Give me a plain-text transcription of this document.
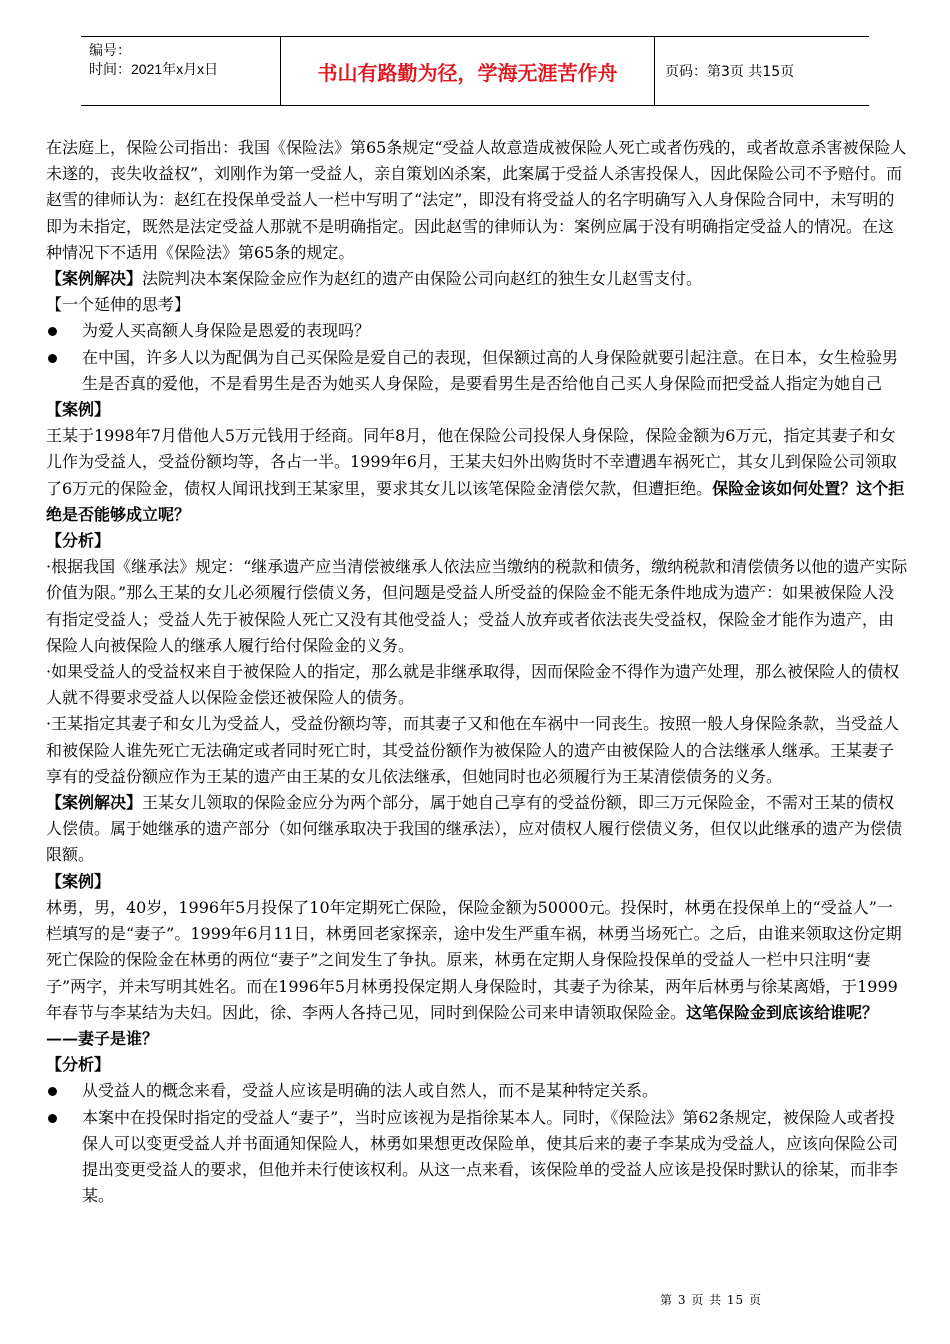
编号：
时间：2021年x月x日	书山有路勤为径，学海无涯苦作舟	页码：第3页 共15页

在法庭上，保险公司指出：我国《保险法》第65条规定“受益人故意造成被保险人死亡或者伤残的，或者故意杀害被保险人未遂的，丧失收益权”，刘刚作为第一受益人，亲自策划凶杀案，此案属于受益人杀害投保人，因此保险公司不予赔付。而赵雪的律师认为：赵红在投保单受益人一栏中写明了“法定”，即没有将受益人的名字明确写入人身保险合同中，未写明的即为未指定，既然是法定受益人那就不是明确指定。因此赵雪的律师认为：案例应属于没有明确指定受益人的情况。在这种情况下不适用《保险法》第65条的规定。

【案例解决】法院判决本案保险金应作为赵红的遗产由保险公司向赵红的独生女儿赵雪支付。

【一个延伸的思考】

为爱人买高额人身保险是恩爱的表现吗？
在中国，许多人以为配偶为自己买保险是爱自己的表现，但保额过高的人身保险就要引起注意。在日本，女生检验男生是否真的爱他，不是看男生是否为她买人身保险，是要看男生是否给他自己买人身保险而把受益人指定为她自己

【案例】

王某于1998年7月借他人5万元钱用于经商。同年8月，他在保险公司投保人身保险，保险金额为6万元，指定其妻子和女儿作为受益人，受益份额均等，各占一半。1999年6月，王某夫妇外出购货时不幸遭遇车祸死亡，其女儿到保险公司领取了6万元的保险金，债权人闻讯找到王某家里，要求其女儿以该笔保险金清偿欠款，但遭拒绝。保险金该如何处置？这个拒绝是否能够成立呢？

【分析】

·根据我国《继承法》规定：“继承遗产应当清偿被继承人依法应当缴纳的税款和债务，缴纳税款和清偿债务以他的遗产实际价值为限。”那么王某的女儿必须履行偿债义务，但问题是受益人所受益的保险金不能无条件地成为遗产：如果被保险人没有指定受益人；受益人先于被保险人死亡又没有其他受益人；受益人放弃或者依法丧失受益权，保险金才能作为遗产，由保险人向被保险人的继承人履行给付保险金的义务。

·如果受益人的受益权来自于被保险人的指定，那么就是非继承取得，因而保险金不得作为遗产处理，那么被保险人的债权人就不得要求受益人以保险金偿还被保险人的债务。

·王某指定其妻子和女儿为受益人，受益份额均等，而其妻子又和他在车祸中一同丧生。按照一般人身保险条款，当受益人和被保险人谁先死亡无法确定或者同时死亡时，其受益份额作为被保险人的遗产由被保险人的合法继承人继承。王某妻子享有的受益份额应作为王某的遗产由王某的女儿依法继承，但她同时也必须履行为王某清偿债务的义务。

【案例解决】王某女儿领取的保险金应分为两个部分，属于她自己享有的受益份额，即三万元保险金，不需对王某的债权人偿债。属于她继承的遗产部分（如何继承取决于我国的继承法），应对债权人履行偿债义务，但仅以此继承的遗产为偿债限额。

【案例】

林勇，男，40岁，1996年5月投保了10年定期死亡保险，保险金额为50000元。投保时，林勇在投保单上的“受益人”一栏填写的是“妻子”。1999年6月11日，林勇回老家探亲，途中发生严重车祸，林勇当场死亡。之后，由谁来领取这份定期死亡保险的保险金在林勇的两位“妻子”之间发生了争执。原来，林勇在定期人身保险投保单的受益人一栏中只注明“妻子”两字，并未写明其姓名。而在1996年5月林勇投保定期人身保险时，其妻子为徐某，两年后林勇与徐某离婚，于1999年春节与李某结为夫妇。因此，徐、李两人各持己见，同时到保险公司来申请领取保险金。这笔保险金到底该给谁呢？——妻子是谁？

【分析】

从受益人的概念来看，受益人应该是明确的法人或自然人，而不是某种特定关系。
本案中在投保时指定的受益人“妻子”，当时应该视为是指徐某本人。同时，《保险法》第62条规定，被保险人或者投保人可以变更受益人并书面通知保险人，林勇如果想更改保险单，使其后来的妻子李某成为受益人，应该向保险公司提出变更受益人的要求，但他并未行使该权利。从这一点来看，该保险单的受益人应该是投保时默认的徐某，而非李某。
第 3 页 共 15 页
